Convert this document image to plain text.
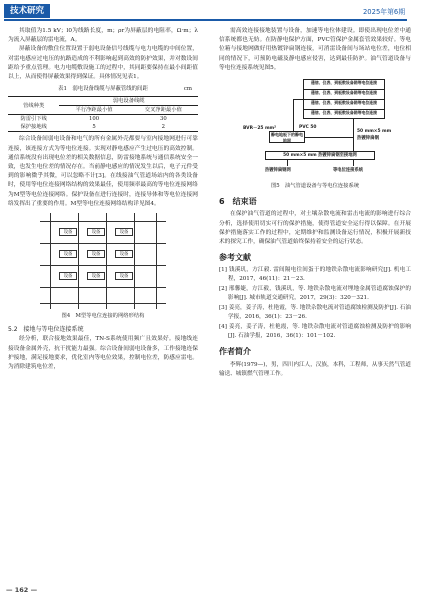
技术研究	2025年第6期

其取值为1.5 kV；l0为线路长度，m；ρr为屏蔽层的电阻率，Ω·m；λ为流入屏蔽层的雷电流，A。

屏蔽设备的敷住位置设置于弱电设备信号线缆与电力电缆的中间位置，对雷电感应过电压的抗路造成的不利影响起到高效的防护效果，并对数设间距给予重点管理。电力电缆敷设施工的过程中，其同距要保持在最小间距值以上，从而使得屏蔽效果得到保证。具体情况见表1。

表1　弱电设备线缆与屏蔽管线的间距	cm
管线种类	弱电设备线缆	
	平行净距最小值	交叉净距最小值
防雷引下线	100	30
保护接地线	5	2

综合设备间弱电设备和电气的所有金属外壳都要与室内接地网进行可靠连接，该连接方式为等电位连接。实现对静电感应产生过电压的高效控制。通信系统没有出现电位差的相关数据信息，防雷接地系统与通信系统安全一致，也发生电位差的情况存在。当前静电感应的情况发生以后，电子元件受到的影响微乎其微，可以忽略不计[3]。在线接油气管道场站内的各类设备时，使用等电位连接网络结构的效果最佳，使用频率最高的等电位连接网络为M型等电位连接网络。保护设备在进行连接时，连接导体和等电位连接网络发挥出了重要的作用。M型等电位连接网络结构详见图4。

设备	设备	设备
设备	设备	设备
设备	设备	设备
图4　M型等电位连接的网络形结构
5.2　接地与等电位连接系统

经分析，联合接地效果最佳，TN-S系统使用频广且效果好。接地线连接设备金属外壳，抗干扰能力最强。综合设备间弱电设备多，工作接地连保护接地，满足接地要求，优化室内等电位效果，控制电位差，防感应雷电。为消除建筑电位差，

需高效连接接地装置与设备，加速等电位体建设。即使出现电位差中通信系统都也无妨。在防静电保护方面，PVC管保护金属套管效果较好。等电位箱与接地网做好用热镀锌扁钢连接，可消雷设备间与场站电位差，电位相同的情况下，可预防电磁及静电感应侵害，达到最佳防护。油气管道设备与等电位连接系统见图5。

通信、仪表、到板数设备箱等电位连接
通信、仪表、到板数设备箱等电位连接
通信、仪表、到板数设备箱等电位连接
通信、仪表、到板数设备箱等电位连接
BVR－25 mm²	PVC 50
静电地板下的静电地网
50 mm×5 mm
热镀锌扁钢
50 mm×5 mm 热镀锌扁钢至接地网
热镀锌扁钢网	等电位连接系统
图5　油气管道设备与等电位连接系统
6　结束语

在保护油气管道的过程中，对土壤杂散电流和雷击电流的影响进行综合分析，选择使用切实可行的保护措施，使得管道安全运行得以保障。在开展保护措施落实工作的过程中，定期维护和监测设备运行情况，积极开展新技术的探究工作，确保油气管道始终保持着安全的运行状态。

参考文献

[1] 钱溪玑，方江毅. 雷间隔电往间蛋于的地铁杂散电流影响研究[J]. 机电工程，2017，46(11)：21－23.

[2] 邢馨婕，方江毅，钱溪玑，等. 地铁杂散电流对埋地金属管道腐蚀保护的影响[J]. 城市轨道交通研究，2017，29(3)：320－321.

[3] 姜亮，姜子涛，杜艳霞，等. 地铁杂散电流对管道腐蚀检测及防护[J]. 石油学报，2016，36(1)：23－26.

[4] 姜亮，姜子涛，杜艳霞，等. 地铁杂散电流对管道腐蚀检测及防护的影响[J]. 石油学报，2016，36(1)：101－102.

作者简介

李辉(1979—)，男，四川内江人，汉族，本科，工程师，从事天然气管道输送、城镇燃气管理工作。

— 162 —
